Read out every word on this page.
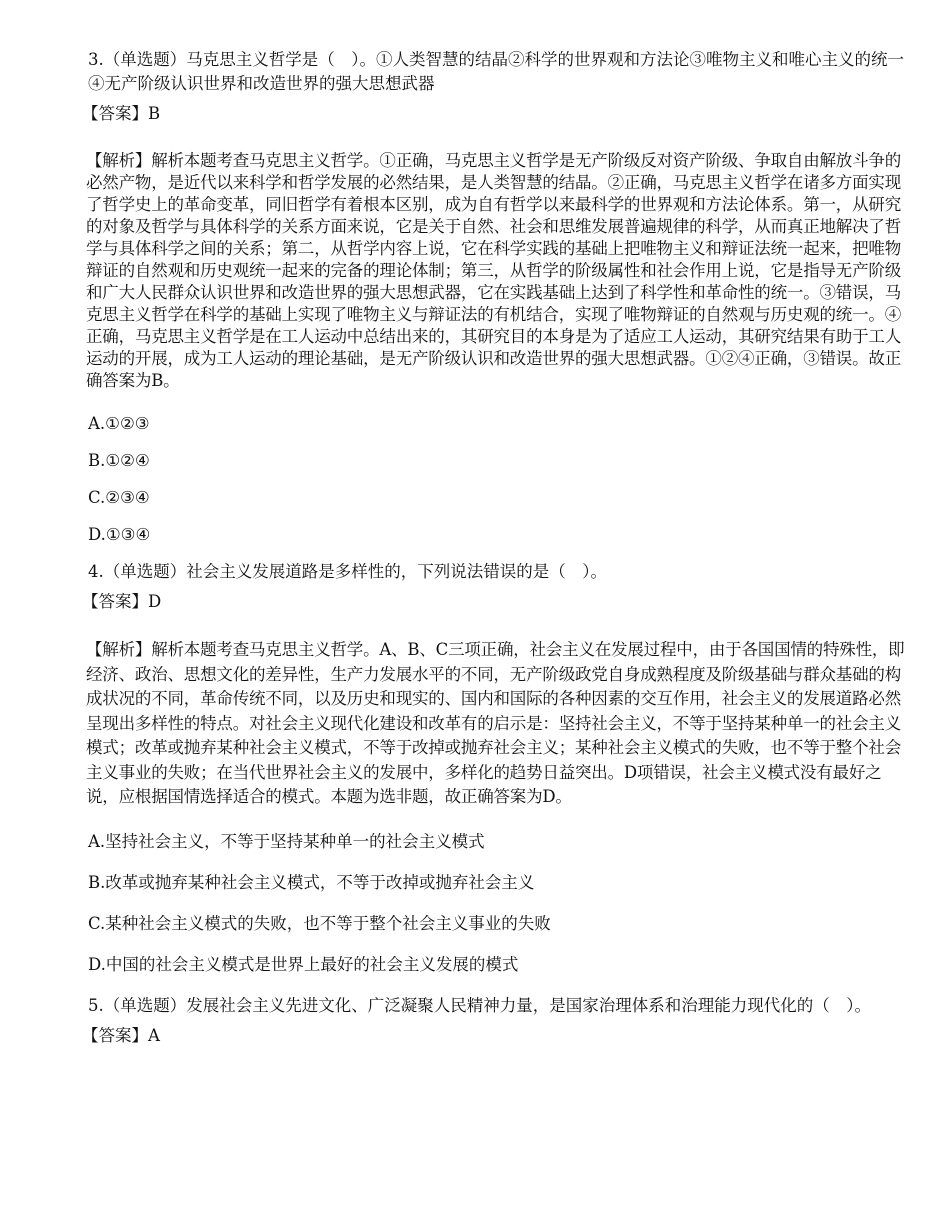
3.（单选题）马克思主义哲学是（　）。①人类智慧的结晶②科学的世界观和方法论③唯物主义和唯心主义的统一④无产阶级认识世界和改造世界的强大思想武器

【答案】B

【解析】解析本题考查马克思主义哲学。①正确，马克思主义哲学是无产阶级反对资产阶级、争取自由解放斗争的必然产物，是近代以来科学和哲学发展的必然结果，是人类智慧的结晶。②正确，马克思主义哲学在诸多方面实现了哲学史上的革命变革，同旧哲学有着根本区别，成为自有哲学以来最科学的世界观和方法论体系。第一，从研究的对象及哲学与具体科学的关系方面来说，它是关于自然、社会和思维发展普遍规律的科学，从而真正地解决了哲学与具体科学之间的关系；第二，从哲学内容上说，它在科学实践的基础上把唯物主义和辩证法统一起来，把唯物辩证的自然观和历史观统一起来的完备的理论体制；第三，从哲学的阶级属性和社会作用上说，它是指导无产阶级和广大人民群众认识世界和改造世界的强大思想武器，它在实践基础上达到了科学性和革命性的统一。③错误，马克思主义哲学在科学的基础上实现了唯物主义与辩证法的有机结合，实现了唯物辩证的自然观与历史观的统一。④正确，马克思主义哲学是在工人运动中总结出来的，其研究目的本身是为了适应工人运动，其研究结果有助于工人运动的开展，成为工人运动的理论基础，是无产阶级认识和改造世界的强大思想武器。①②④正确，③错误。故正确答案为B。

A.①②③

B.①②④

C.②③④

D.①③④

4.（单选题）社会主义发展道路是多样性的，下列说法错误的是（　）。

【答案】D

【解析】解析本题考查马克思主义哲学。A、B、C三项正确，社会主义在发展过程中，由于各国国情的特殊性，即经济、政治、思想文化的差异性，生产力发展水平的不同，无产阶级政党自身成熟程度及阶级基础与群众基础的构成状况的不同，革命传统不同，以及历史和现实的、国内和国际的各种因素的交互作用，社会主义的发展道路必然呈现出多样性的特点。对社会主义现代化建设和改革有的启示是：坚持社会主义，不等于坚持某种单一的社会主义模式；改革或抛弃某种社会主义模式，不等于改掉或抛弃社会主义；某种社会主义模式的失败，也不等于整个社会主义事业的失败；在当代世界社会主义的发展中，多样化的趋势日益突出。D项错误，社会主义模式没有最好之说，应根据国情选择适合的模式。本题为选非题，故正确答案为D。

A.坚持社会主义，不等于坚持某种单一的社会主义模式

B.改革或抛弃某种社会主义模式，不等于改掉或抛弃社会主义

C.某种社会主义模式的失败，也不等于整个社会主义事业的失败

D.中国的社会主义模式是世界上最好的社会主义发展的模式

5.（单选题）发展社会主义先进文化、广泛凝聚人民精神力量，是国家治理体系和治理能力现代化的（　）。

【答案】A
